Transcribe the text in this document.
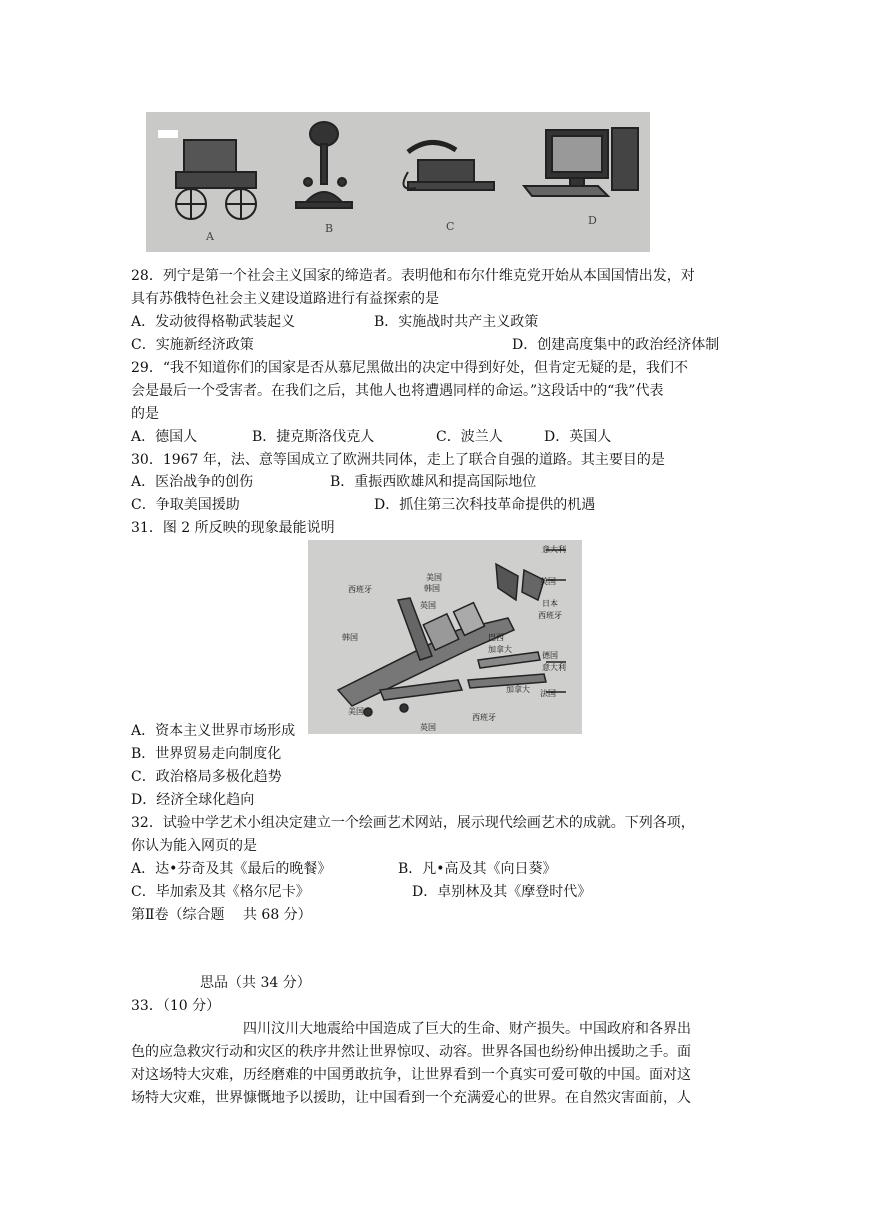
A
B	C	D
28．列宁是第一个社会主义国家的缔造者。表明他和布尔什维克党开始从本国国情出发，对
具有苏俄特色社会主义建设道路进行有益探索的是
A．发动彼得格勒武装起义	B．实施战时共产主义政策
C．实施新经济政策	D．创建高度集中的政治经济体制
29．“我不知道你们的国家是否从慕尼黑做出的决定中得到好处，但肯定无疑的是，我们不
会是最后一个受害者。在我们之后，其他人也将遭遇同样的命运。”这段话中的“我”代表
的是
A．德国人	B．捷克斯洛伐克人	C．波兰人	D．英国人
30．1967 年，法、意等国成立了欧洲共同体，走上了联合自强的道路。其主要目的是
A．医治战争的创伤	B．重振西欧雄风和提高国际地位
C．争取美国援助	D．抓住第三次科技革命提供的机遇
31．图 2 所反映的现象最能说明
意大利
英国
日本
西班牙
美国
韩国
西班牙
英国
韩国	巴西
加拿大
德国
意大利
加拿大 法国
美国
西班牙
英国
A．资本主义世界市场形成
B．世界贸易走向制度化
C．政治格局多极化趋势
D．经济全球化趋向
32．试验中学艺术小组决定建立一个绘画艺术网站，展示现代绘画艺术的成就。下列各项，
你认为能入网页的是
A．达•芬奇及其《最后的晚餐》	B．凡•高及其《向日葵》
C．毕加索及其《格尔尼卡》	D．卓别林及其《摩登时代》
第Ⅱ卷（综合题　 共 68 分）
思品（共 34 分）
33．（10 分）
四川汶川大地震给中国造成了巨大的生命、财产损失。中国政府和各界出
色的应急救灾行动和灾区的秩序井然让世界惊叹、动容。世界各国也纷纷伸出援助之手。面
对这场特大灾难，历经磨难的中国勇敢抗争，让世界看到一个真实可爱可敬的中国。面对这
场特大灾难，世界慷慨地予以援助，让中国看到一个充满爱心的世界。在自然灾害面前，人
